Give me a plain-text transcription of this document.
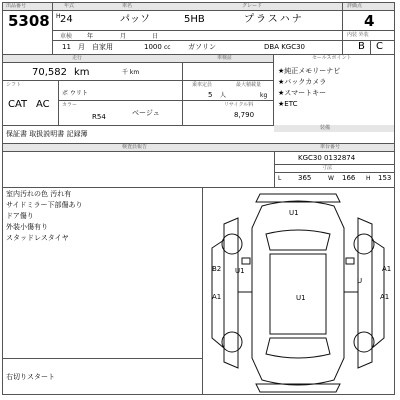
出品番号	年式	車名	グレード	評価点
5308 H 24	パッソ	5HB	プラスハナ	4
内装 外装
車検 年	月	日
11 月 自家用	1000 cc ガソリン	DBA KGC30	B C
走行	車検証
70,582 km	千 km
シフト	乗車定員	最大積載量
ボ ウリト	5 人	kg
CAT AC カラー	リサイクル料
R54	ベージュ	8,790
セールスポイント
★純正メモリーナビ
★バックカメラ
★スマートキー
★ETC
装備
保証書 取扱説明書 記録簿
検査員報告	車台番号
KGC30 0132874
寸法
L 365	W 166 H 153
室内汚れの色 汚れ有
サイドミラー下部傷あり
ドア傷り
外装小傷有り
スタッドレスタイヤ
右切りスタート
U1
B2 U1	A1
U
U1
A1	A1
